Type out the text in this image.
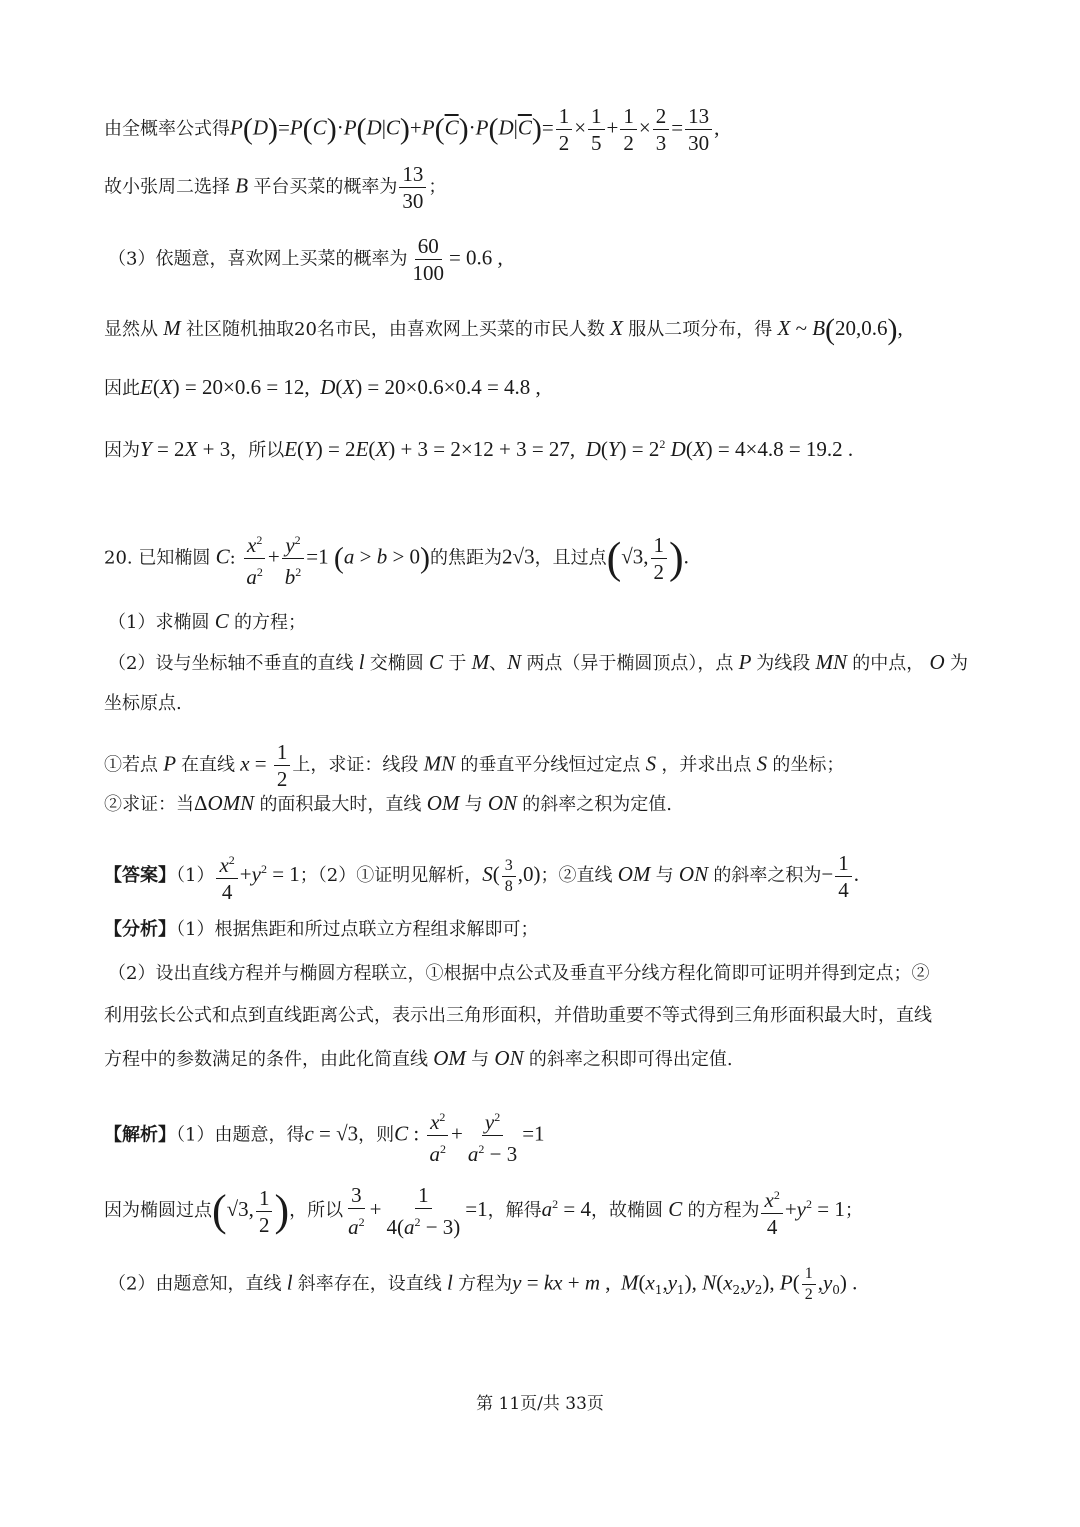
由全概率公式得$P(D)=P(C)\cdot P(D|C)+P(\overline{C})\cdot P(D|\overline{C})= \frac{1}{2} \times \frac{1}{5} + \frac{1}{2} \times \frac{2}{3} = \frac{13}{30}$ ,
故小张周二选择 B 平台买菜的概率为 $\frac{13}{30}$ ；
（3）依题意，喜欢网上买菜的概率为 $\frac{60}{100} = 0.6$ ,
显然从 M 社区随机抽取20名市民，由喜欢网上买菜的市民人数 X 服从二项分布，得 X ~ B(20,0.6),
因此E(X) = 20×0.6 = 12,  D(X) = 20×0.6×0.4 = 4.8 ,
因为Y = 2X + 3，所以E(Y) = 2E(X) + 3 = 2×12 + 3 = 27,  $D(Y) = 2^2$ D(X) = 4×4.8 = 19.2 .
20. 已知椭圆 C: $\frac{x^2}{a^2} + \frac{y^2}{b^2} =1$ (a > b > 0)的焦距为2√3，且过点(√3, $\frac{1}{2}$ ).
（1）求椭圆 C 的方程；
（2）设与坐标轴不垂直的直线 l 交椭圆 C 于 M、N 两点（异于椭圆顶点），点 P 为线段 MN 的中点， O 为
坐标原点.
①若点 P 在直线 $x = \frac{1}{2}$ 上，求证：线段 MN 的垂直平分线恒过定点 S ，并求出点 S 的坐标；
②求证：当ΔOMN 的面积最大时，直线 OM 与 ON 的斜率之积为定值.
【答案】$(1) \frac{x^2}{4} +y^2 = 1$；（2）①证明见解析，$S( \frac{3}{8} ,0)$；②直线 OM 与 ON 的斜率之积为− $\frac{1}{4}$ .
【分析】（1）根据焦距和所过点联立方程组求解即可；
（2）设出直线方程并与椭圆方程联立，①根据中点公式及垂直平分线方程化简即可证明并得到定点；②
利用弦长公式和点到直线距离公式，表示出三角形面积，并借助重要不等式得到三角形面积最大时，直线
方程中的参数满足的条件，由此化简直线 OM 与 ON 的斜率之积即可得出定值.
【解析】（1）由题意，得c = √3，则C : $\frac{x^2}{a^2} + \frac{y^2}{a^2 - 3} =1$
因为椭圆过点(√3, $\frac{1}{2}$ )，所以 $\frac{3}{a^2} + \frac{1}{4(a^2 - 3)} =1$，解得$a^2 = 4$，故椭圆 C 的方程为 $\frac{x^2}{4} +y^2 = 1$；
（2）由题意知，直线 l 斜率存在，设直线 l 方程为y = kx + m ,  $M(x_1,y_1)$, $N(x_2,y_2)$, $P( \frac{1}{2} ,y_0)$ .
第 11页/共 33页
